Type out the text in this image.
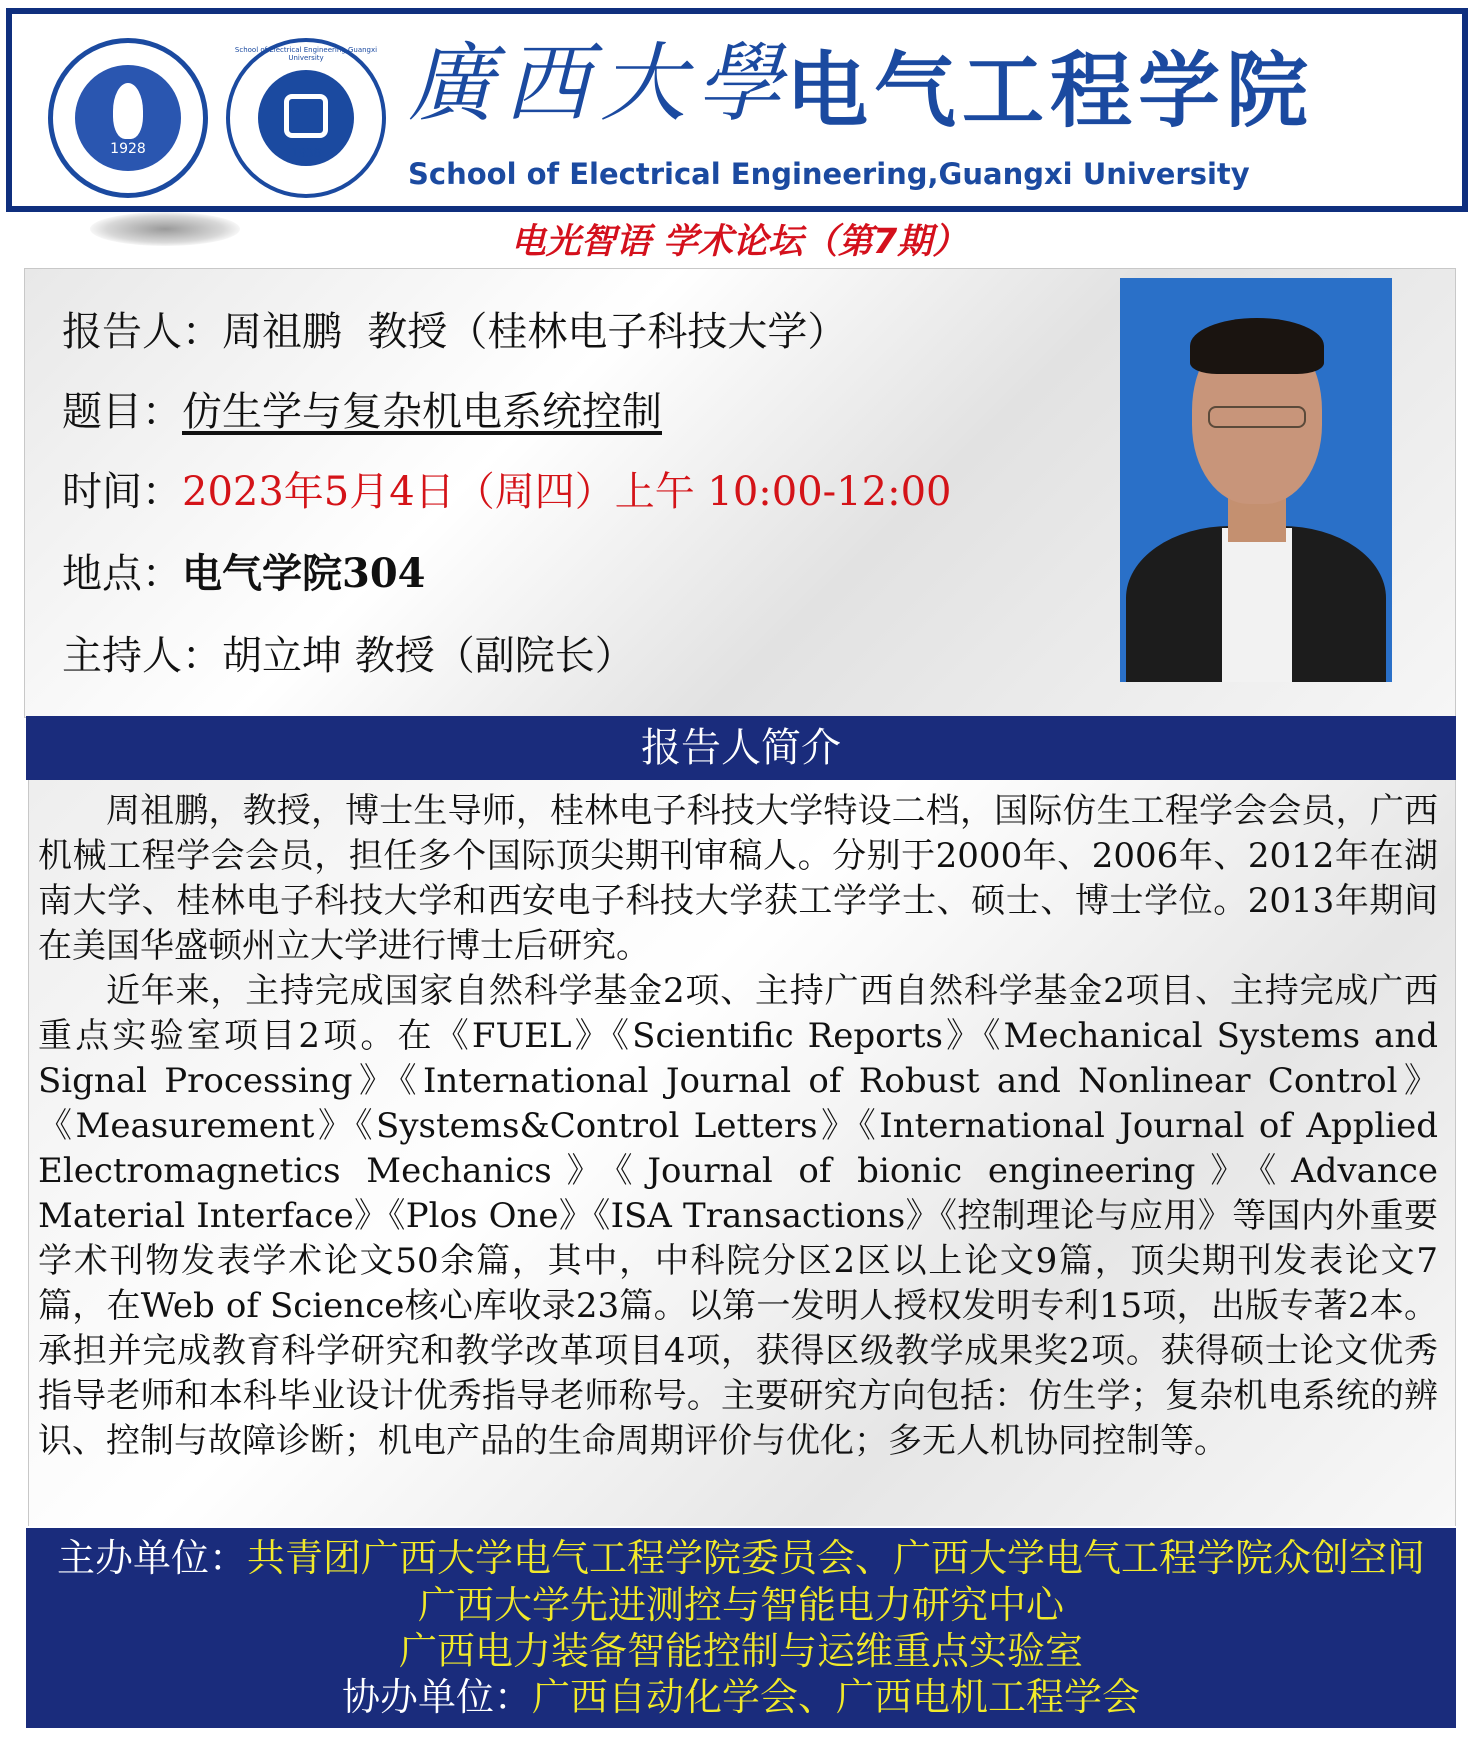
1928
School of Electrical Engineering,Guangxi University
1938
廣西大學
电气工程学院
School of Electrical Engineering,Guangxi University
电光智语 学术论坛（第7期）
报告人：周祖鹏  教授（桂林电子科技大学）
题目：仿生学与复杂机电系统控制
时间：2023年5月4日（周四）上午 10:00-12:00
地点：电气学院304
主持人：胡立坤 教授（副院长）
报告人简介

周祖鹏，教授，博士生导师，桂林电子科技大学特设二档，国际仿生工程学会会员，广西机械工程学会会员，担任多个国际顶尖期刊审稿人。分别于2000年、2006年、2012年在湖南大学、桂林电子科技大学和西安电子科技大学获工学学士、硕士、博士学位。2013年期间在美国华盛顿州立大学进行博士后研究。

近年来，主持完成国家自然科学基金2项、主持广西自然科学基金2项目、主持完成广西重点实验室项目2项。在《FUEL》《Scientific Reports》《Mechanical Systems and Signal Processing》《International Journal of Robust and Nonlinear Control》《Measurement》《Systems&Control Letters》《International Journal of Applied Electromagnetics Mechanics》《Journal of bionic engineering》《Advance Material Interface》《Plos One》《ISA Transactions》《控制理论与应用》等国内外重要学术刊物发表学术论文50余篇，其中，中科院分区2区以上论文9篇，顶尖期刊发表论文7篇，在Web of Science核心库收录23篇。以第一发明人授权发明专利15项，出版专著2本。承担并完成教育科学研究和教学改革项目4项，获得区级教学成果奖2项。获得硕士论文优秀指导老师和本科毕业设计优秀指导老师称号。主要研究方向包括：仿生学；复杂机电系统的辨识、控制与故障诊断；机电产品的生命周期评价与优化；多无人机协同控制等。

主办单位：共青团广西大学电气工程学院委员会、广西大学电气工程学院众创空间
广西大学先进测控与智能电力研究中心
广西电力装备智能控制与运维重点实验室
协办单位：广西自动化学会、广西电机工程学会
